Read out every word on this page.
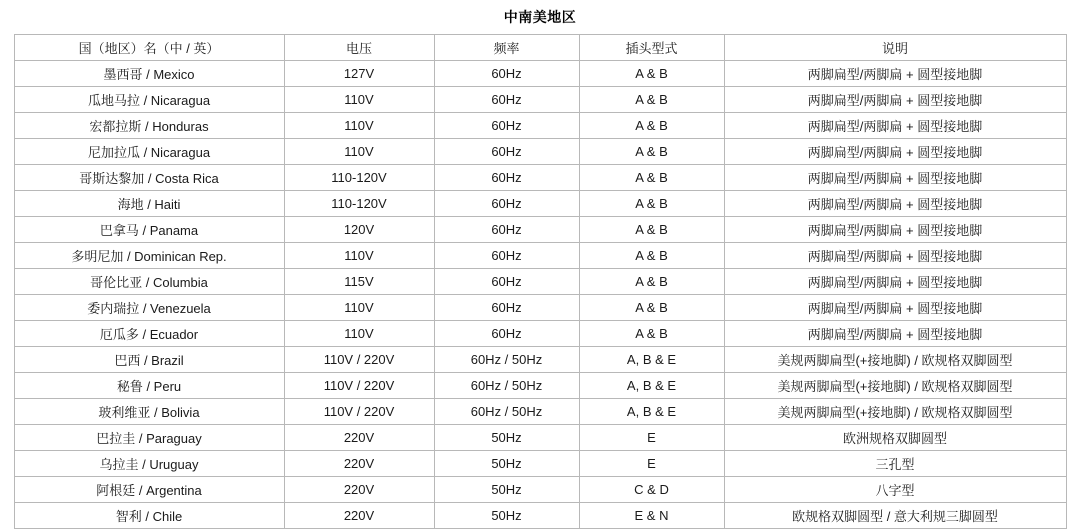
中南美地区
国（地区）名（中 / 英）	电压	频率	插头型式	说明
墨西哥 / Mexico	127V	60Hz	A & B	两脚扁型/两脚扁 + 圆型接地脚
瓜地马拉 / Nicaragua	110V	60Hz	A & B	两脚扁型/两脚扁 + 圆型接地脚
宏都拉斯 / Honduras	110V	60Hz	A & B	两脚扁型/两脚扁 + 圆型接地脚
尼加拉瓜 / Nicaragua	110V	60Hz	A & B	两脚扁型/两脚扁 + 圆型接地脚
哥斯达黎加 / Costa Rica	110-120V	60Hz	A & B	两脚扁型/两脚扁 + 圆型接地脚
海地 / Haiti	110-120V	60Hz	A & B	两脚扁型/两脚扁 + 圆型接地脚
巴拿马 / Panama	120V	60Hz	A & B	两脚扁型/两脚扁 + 圆型接地脚
多明尼加 / Dominican Rep.	110V	60Hz	A & B	两脚扁型/两脚扁 + 圆型接地脚
哥伦比亚 / Columbia	115V	60Hz	A & B	两脚扁型/两脚扁 + 圆型接地脚
委内瑞拉 / Venezuela	110V	60Hz	A & B	两脚扁型/两脚扁 + 圆型接地脚
厄瓜多 / Ecuador	110V	60Hz	A & B	两脚扁型/两脚扁 + 圆型接地脚
巴西 / Brazil	110V / 220V	60Hz / 50Hz	A, B & E	美规两脚扁型(+接地脚) / 欧规格双脚圆型
秘鲁 / Peru	110V / 220V	60Hz / 50Hz	A, B & E	美规两脚扁型(+接地脚) / 欧规格双脚圆型
玻利维亚 / Bolivia	110V / 220V	60Hz / 50Hz	A, B & E	美规两脚扁型(+接地脚) / 欧规格双脚圆型
巴拉圭 / Paraguay	220V	50Hz	E	欧洲规格双脚圆型
乌拉圭 / Uruguay	220V	50Hz	E	三孔型
阿根廷 / Argentina	220V	50Hz	C & D	八字型
智利 / Chile	220V	50Hz	E & N	欧规格双脚圆型 / 意大利规三脚圆型
